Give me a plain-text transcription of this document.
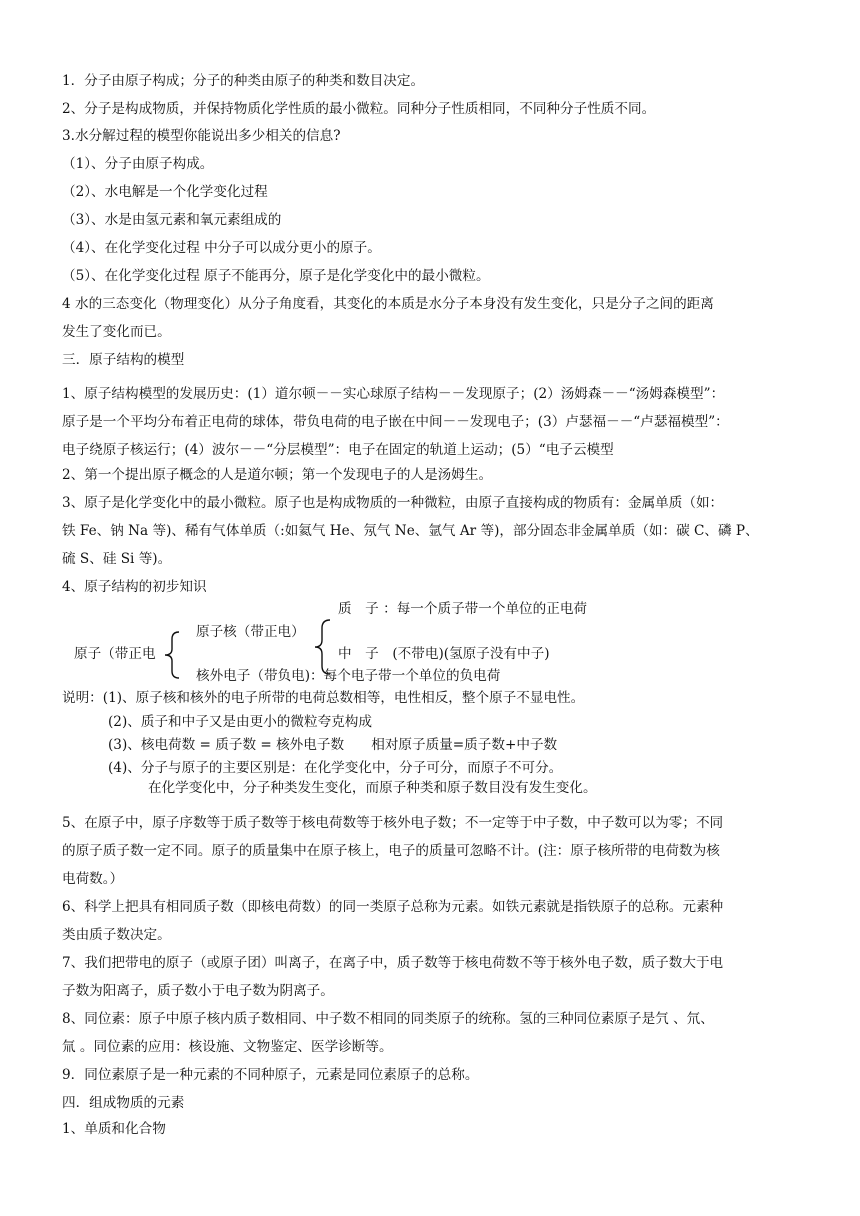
1．分子由原子构成；分子的种类由原子的种类和数目决定。
2、分子是构成物质，并保持物质化学性质的最小微粒。同种分子性质相同，不同种分子性质不同。
3.水分解过程的模型你能说出多少相关的信息?
（1）、分子由原子构成。
（2）、水电解是一个化学变化过程
（3）、水是由氢元素和氧元素组成的
（4）、在化学变化过程 中分子可以成分更小的原子。
（5）、在化学变化过程 原子不能再分，原子是化学变化中的最小微粒。
4 水的三态变化（物理变化）从分子角度看，其变化的本质是水分子本身没有发生变化，只是分子之间的距离
发生了变化而已。
三．原子结构的模型
1、原子结构模型的发展历史：(1）道尔顿－－实心球原子结构－－发现原子；(2）汤姆森－－“汤姆森模型”：
原子是一个平均分布着正电荷的球体，带负电荷的电子嵌在中间－－发现电子；(3）卢瑟福－－“卢瑟福模型”：
电子绕原子核运行；(4）波尔－－“分层模型”：电子在固定的轨道上运动；(5）“电子云模型
2、第一个提出原子概念的人是道尔顿；第一个发现电子的人是汤姆生。
3、原子是化学变化中的最小微粒。原子也是构成物质的一种微粒，由原子直接构成的物质有：金属单质（如：
铁 Fe、钠 Na 等)、稀有气体单质（:如氦气 He、氖气 Ne、氩气 Ar 等)，部分固态非金属单质（如：碳 C、磷 P、
硫 S、硅 Si 等)。
4、原子结构的初步知识
质　子 ：每一个质子带一个单位的正电荷
原子核（带正电）
原子（带正电	中　子　(不带电)(氢原子没有中子)
核外电子（带负电)：每个电子带一个单位的负电荷
说明：(1)、原子核和核外的电子所带的电荷总数相等，电性相反，整个原子不显电性。
(2)、质子和中子又是由更小的微粒夸克构成
(3)、核电荷数 = 质子数 = 核外电子数　　相对原子质量=质子数+中子数
(4)、分子与原子的主要区别是：在化学变化中，分子可分，而原子不可分。
在化学变化中，分子种类发生变化，而原子种类和原子数目没有发生变化。
5、在原子中，原子序数等于质子数等于核电荷数等于核外电子数；不一定等于中子数，中子数可以为零；不同
的原子质子数一定不同。原子的质量集中在原子核上，电子的质量可忽略不计。(注：原子核所带的电荷数为核
电荷数。）
6、科学上把具有相同质子数（即核电荷数）的同一类原子总称为元素。如铁元素就是指铁原子的总称。元素种
类由质子数决定。
7、我们把带电的原子（或原子团）叫离子，在离子中，质子数等于核电荷数不等于核外电子数，质子数大于电
子数为阳离子，质子数小于电子数为阴离子。
8、同位素：原子中原子核内质子数相同、中子数不相同的同类原子的统称。氢的三种同位素原子是氕 、氘、
氚 。同位素的应用：核设施、文物鉴定、医学诊断等。
9．同位素原子是一种元素的不同种原子，元素是同位素原子的总称。
四．组成物质的元素
1、单质和化合物
